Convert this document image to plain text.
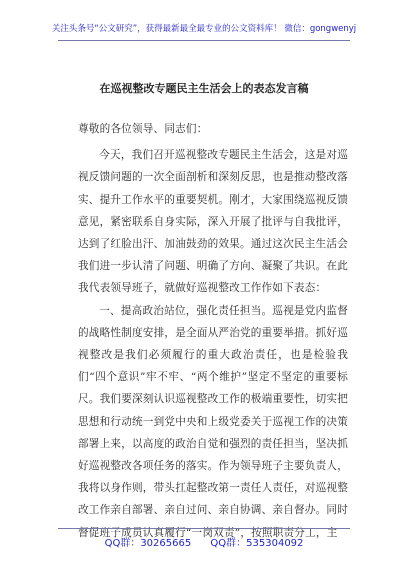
关注头条号“公文研究”，获得最新最全最专业的公文资料库！ 微信：gongwenyj
在巡视整改专题民主生活会上的表态发言稿

尊敬的各位领导、同志们：

今天，我们召开巡视整改专题民主生活会，这是对巡视反馈问题的一次全面剖析和深刻反思，也是推动整改落实、提升工作水平的重要契机。刚才，大家围绕巡视反馈意见，紧密联系自身实际，深入开展了批评与自我批评，达到了红脸出汗、加油鼓劲的效果。通过这次民主生活会我们进一步认清了问题、明确了方向、凝聚了共识。在此我代表领导班子，就做好巡视整改工作作如下表态：

一、提高政治站位，强化责任担当。巡视是党内监督的战略性制度安排，是全面从严治党的重要举措。抓好巡视整改是我们必须履行的重大政治责任，也是检验我们“四个意识”牢不牢、“两个维护”坚定不坚定的重要标尺。我们要深刻认识巡视整改工作的极端重要性，切实把思想和行动统一到党中央和上级党委关于巡视工作的决策部署上来，以高度的政治自觉和强烈的责任担当，坚决抓好巡视整改各项任务的落实。作为领导班子主要负责人，我将以身作则，带头扛起整改第一责任人责任，对巡视整改工作亲自部署、亲自过问、亲自协调、亲自督办。同时督促班子成员认真履行“一岗双责”，按照职责分工，主

QQ群：30265665 QQ群：535304092
